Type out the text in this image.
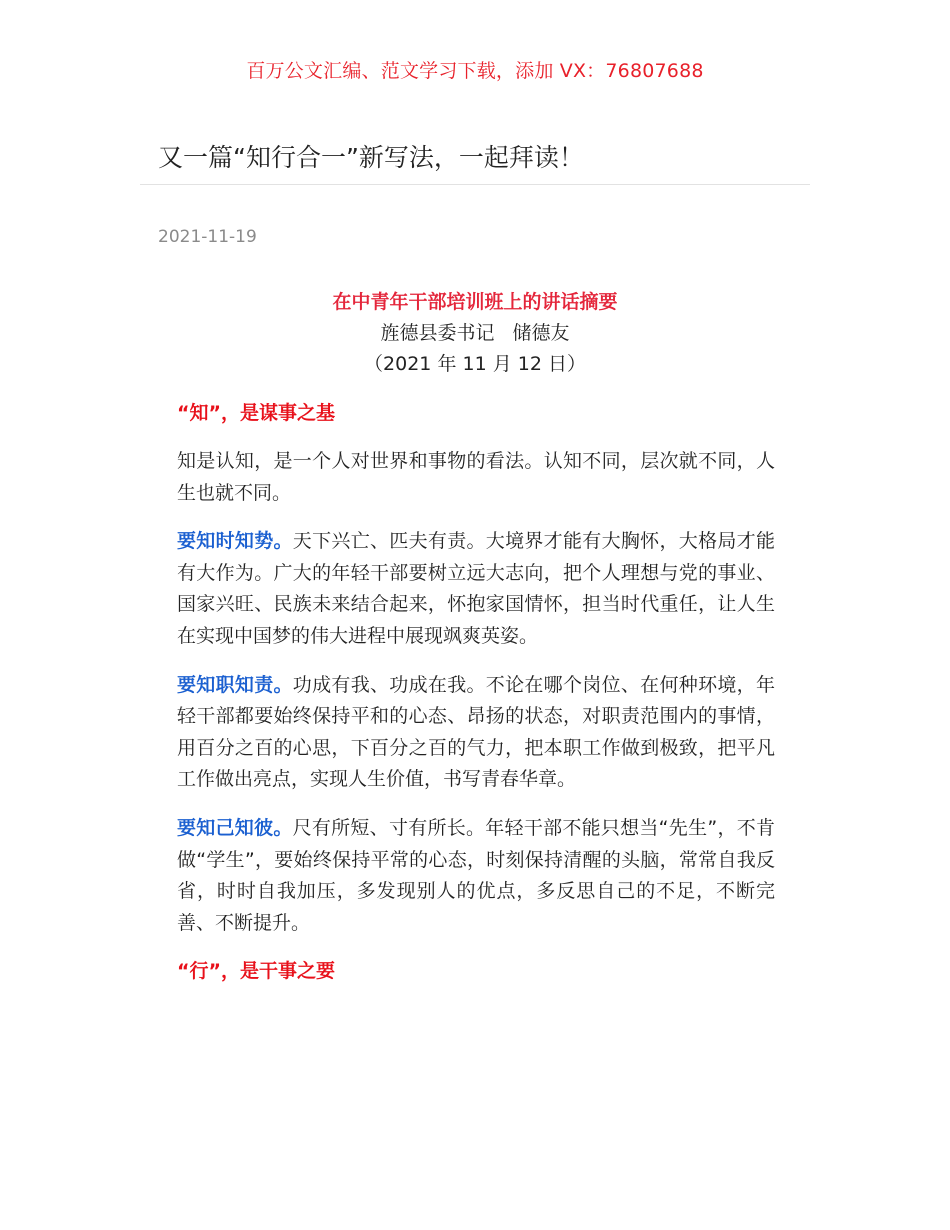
百万公文汇编、范文学习下载，添加 VX：76807688
又一篇“知行合一”新写法，一起拜读！
2021-11-19
在中青年干部培训班上的讲话摘要
旌德县委书记   储德友
（2021 年 11 月 12 日）
“知”，是谋事之基

知是认知，是一个人对世界和事物的看法。认知不同，层次就不同，人生也就不同。

要知时知势。天下兴亡、匹夫有责。大境界才能有大胸怀，大格局才能有大作为。广大的年轻干部要树立远大志向，把个人理想与党的事业、国家兴旺、民族未来结合起来，怀抱家国情怀，担当时代重任，让人生在实现中国梦的伟大进程中展现飒爽英姿。

要知职知责。功成有我、功成在我。不论在哪个岗位、在何种环境，年轻干部都要始终保持平和的心态、昂扬的状态，对职责范围内的事情，用百分之百的心思，下百分之百的气力，把本职工作做到极致，把平凡工作做出亮点，实现人生价值，书写青春华章。

要知己知彼。尺有所短、寸有所长。年轻干部不能只想当“先生”，不肯做“学生”，要始终保持平常的心态，时刻保持清醒的头脑，常常自我反省，时时自我加压，多发现别人的优点，多反思自己的不足，不断完善、不断提升。

“行”，是干事之要
